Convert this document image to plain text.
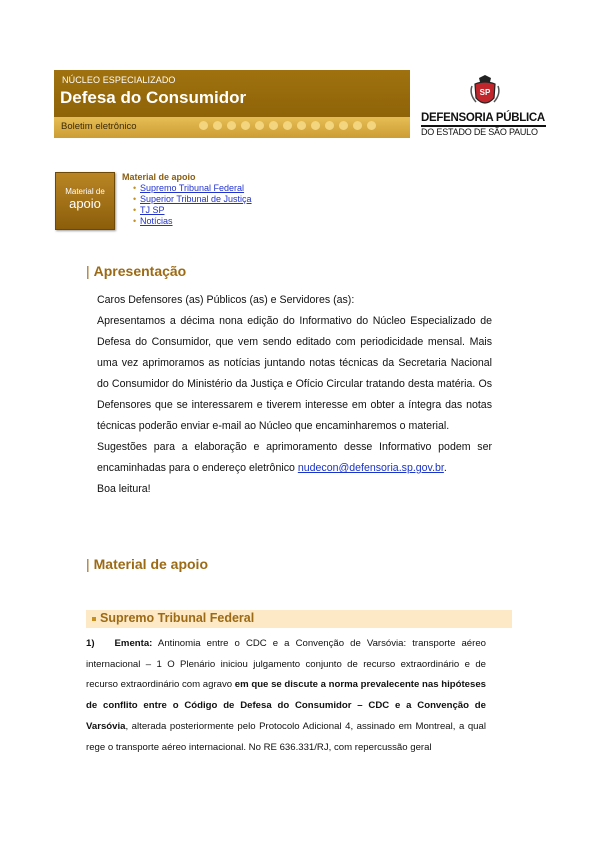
NÚCLEO ESPECIALIZADO
Defesa do Consumidor
Boletim eletrônico
SP
DEFENSORIA PÚBLICA
DO ESTADO DE SÃO PAULO
Material de
apoio
Material de apoio
• Supremo Tribunal Federal
• Superior Tribunal de Justiça
• TJ SP
• Notícias
| Apresentação

Caros Defensores (as) Públicos (as) e Servidores (as):

Apresentamos a décima nona edição do Informativo do Núcleo Especializado de Defesa do Consumidor, que vem sendo editado com periodicidade mensal. Mais uma vez aprimoramos as notícias juntando notas técnicas da Secretaria Nacional do Consumidor do Ministério da Justiça e Ofício Circular tratando desta matéria. Os Defensores que se interessarem e tiverem interesse em obter a íntegra das notas técnicas poderão enviar e-mail ao Núcleo que encaminharemos o material.

Sugestões para a elaboração e aprimoramento desse Informativo podem ser encaminhadas para o endereço eletrônico nudecon@defensoria.sp.gov.br.

Boa leitura!

| Material de apoio
Supremo Tribunal Federal

1) Ementa: Antinomia entre o CDC e a Convenção de Varsóvia: transporte aéreo internacional – 1 O Plenário iniciou julgamento conjunto de recurso extraordinário e de recurso extraordinário com agravo em que se discute a norma prevalecente nas hipóteses de conflito entre o Código de Defesa do Consumidor – CDC e a Convenção de Varsóvia, alterada posteriormente pelo Protocolo Adicional 4, assinado em Montreal, a qual rege o transporte aéreo internacional. No RE 636.331/RJ, com repercussão geral
